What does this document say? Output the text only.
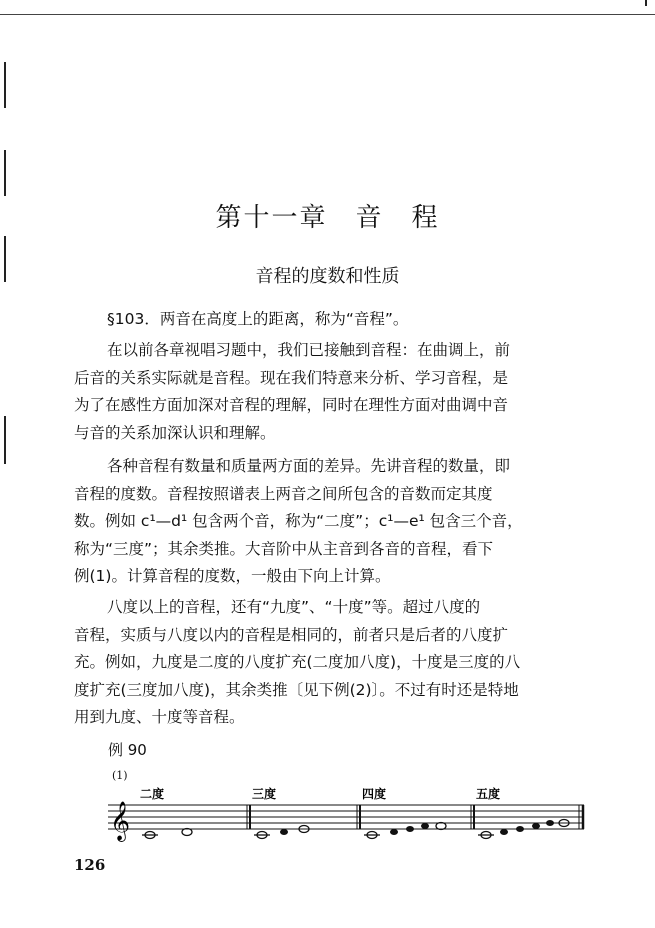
第十一章　音　程
音程的度数和性质
§103．两音在高度上的距离，称为“音程”。
在以前各章视唱习题中，我们已接触到音程：在曲调上，前
后音的关系实际就是音程。现在我们特意来分析、学习音程，是
为了在感性方面加深对音程的理解，同时在理性方面对曲调中音
与音的关系加深认识和理解。
各种音程有数量和质量两方面的差异。先讲音程的数量，即
音程的度数。音程按照谱表上两音之间所包含的音数而定其度
数。例如 c¹—d¹ 包含两个音，称为“二度”；c¹—e¹ 包含三个音，
称为“三度”；其余类推。大音阶中从主音到各音的音程，看下
例(1)。计算音程的度数，一般由下向上计算。
八度以上的音程，还有“九度”、“十度”等。超过八度的
音程，实质与八度以内的音程是相同的，前者只是后者的八度扩
充。例如，九度是二度的八度扩充(二度加八度)，十度是三度的八
度扩充(三度加八度)，其余类推〔见下例(2)〕。不过有时还是特地
用到九度、十度等音程。
例 90
(1)
二度	三度	四度	五度
𝄞
126
